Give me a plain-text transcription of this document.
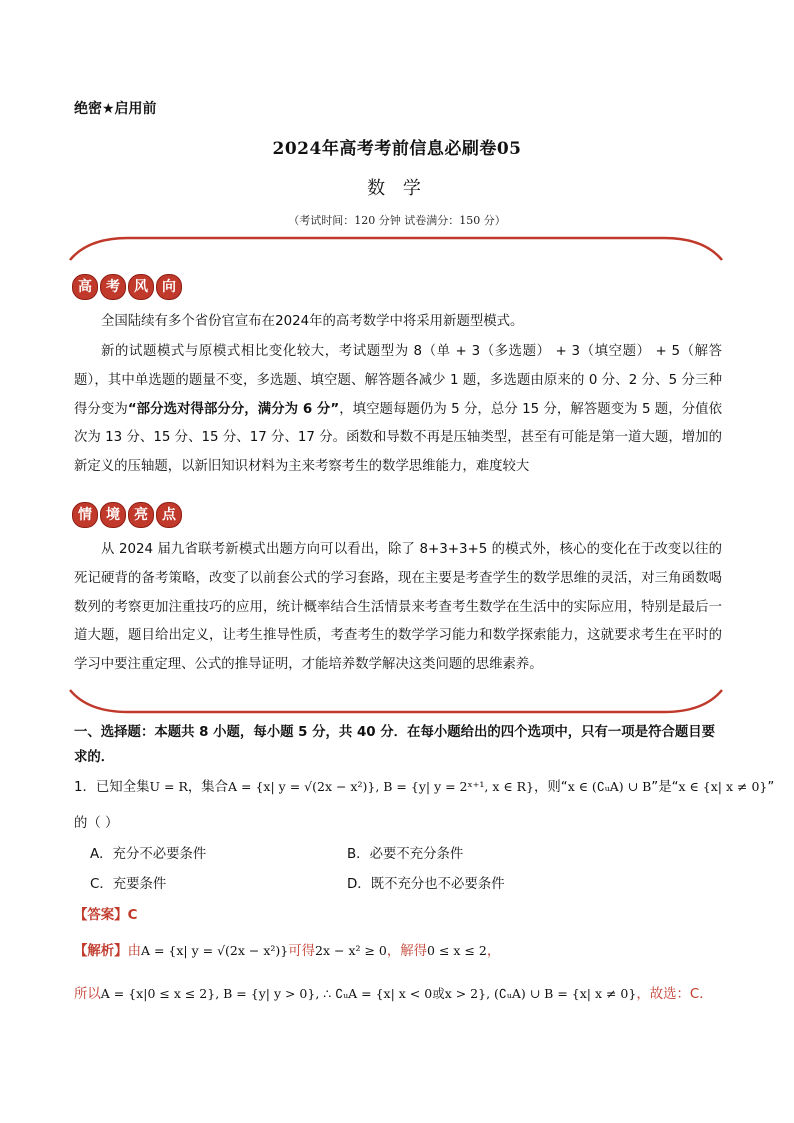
绝密★启用前
2024年高考考前信息必刷卷05
数 学
（考试时间：120 分钟 试卷满分：150 分）
高	考	风	向
全国陆续有多个省份官宣布在2024年的高考数学中将采用新题型模式。
新的试题模式与原模式相比变化较大，考试题型为 8（单 + 3（多选题） + 3（填空题） + 5（解答题），其中单选题的题量不变，多选题、填空题、解答题各减少 1 题，多选题由原来的 0 分、2 分、5 分三种得分变为“部分选对得部分分，满分为 6 分”，填空题每题仍为 5 分，总分 15 分，解答题变为 5 题，分值依次为 13 分、15 分、15 分、17 分、17 分。函数和导数不再是压轴类型，甚至有可能是第一道大题，增加的新定义的压轴题，以新旧知识材料为主来考察考生的数学思维能力，难度较大
情	境	亮	点
从 2024 届九省联考新模式出题方向可以看出，除了 8+3+3+5 的模式外，核心的变化在于改变以往的死记硬背的备考策略，改变了以前套公式的学习套路，现在主要是考查学生的数学思维的灵活，对三角函数喝数列的考察更加注重技巧的应用，统计概率结合生活情景来考查考生数学在生活中的实际应用，特别是最后一道大题，题目给出定义，让考生推导性质，考查考生的数学学习能力和数学探索能力，这就要求考生在平时的学习中要注重定理、公式的推导证明，才能培养数学解决这类问题的思维素养。
一、选择题：本题共 8 小题，每小题 5 分，共 40 分．在每小题给出的四个选项中，只有一项是符合题目要求的．
1．已知全集U = R，集合A = {x| y = √(2x − x²)}, B = {y| y = 2ˣ⁺¹, x ∈ R}，则“x ∈ (∁ᵤA) ∪ B”是“x ∈ {x| x ≠ 0}”
的（ ）
A．充分不必要条件	B．必要不充分条件
C．充要条件	D．既不充分也不必要条件
【答案】C
【解析】由A = {x| y = √(2x − x²)}可得2x − x² ≥ 0，解得0 ≤ x ≤ 2，
所以A = {x|0 ≤ x ≤ 2}, B = {y| y > 0}, ∴ ∁ᵤA = {x| x < 0或x > 2}, (∁ᵤA) ∪ B = {x| x ≠ 0}，故选：C．
